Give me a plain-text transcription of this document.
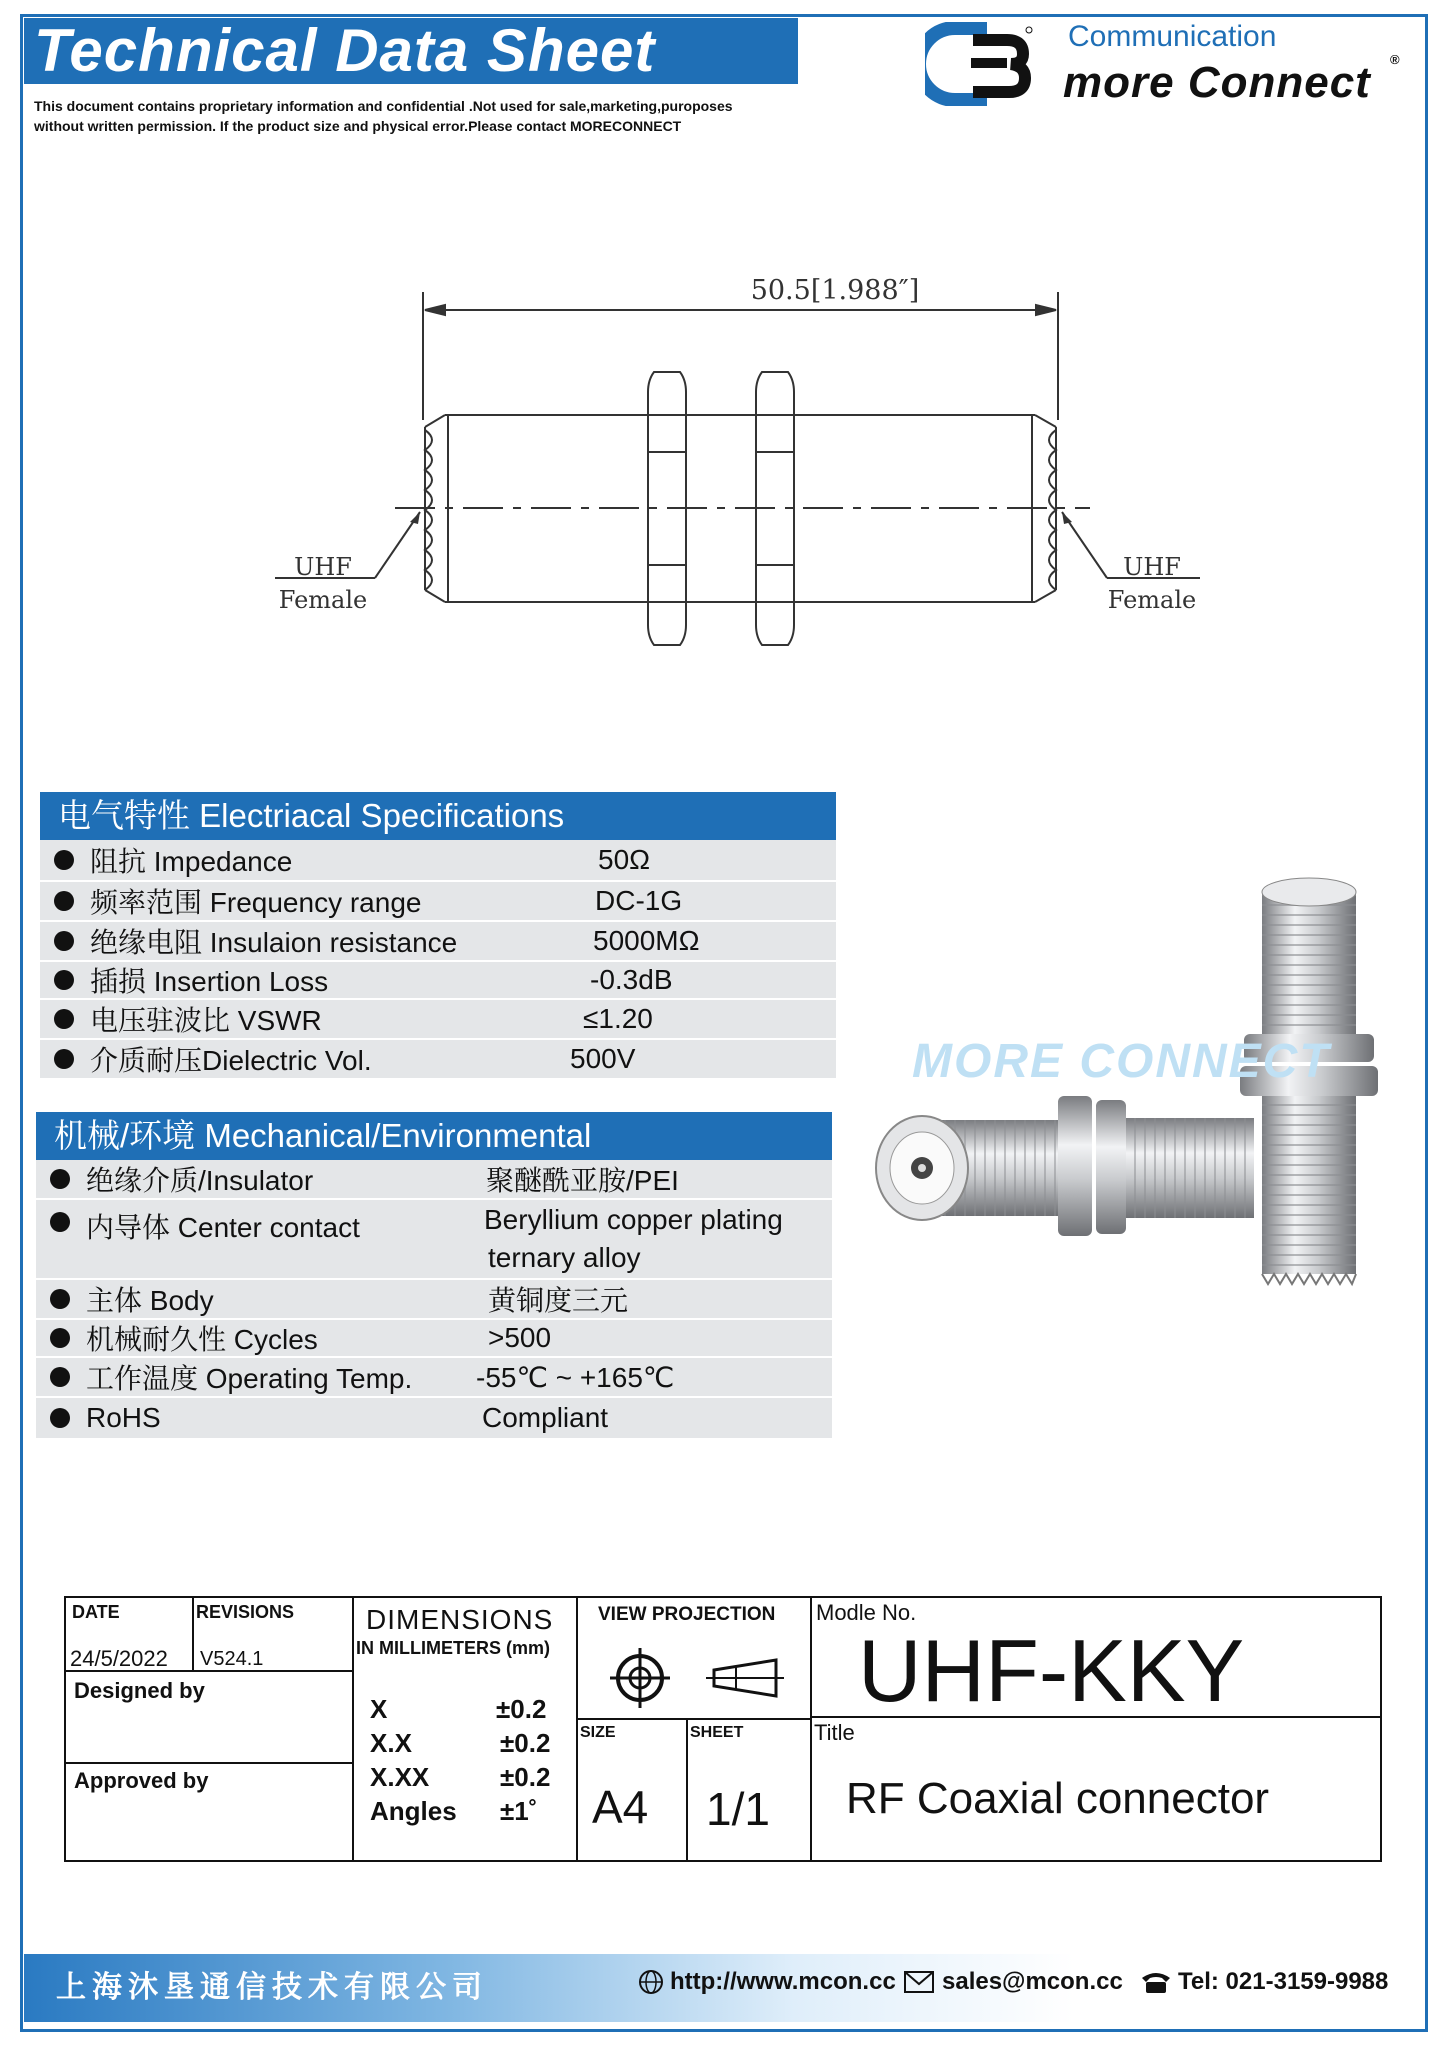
Technical Data Sheet
This document contains proprietary information and confidential .Not used for sale,marketing,puroposes
without written permission. If the product size and physical error.Please contact MORECONNECT
Communication
more Connect ®
50.5[1.988″]
UHF
Female
UHF
Female
电气特性 Electriacal Specifications
阻抗 Impedance	50Ω
频率范围 Frequency range	DC-1G
绝缘电阻 Insulaion resistance	5000MΩ
插损 Insertion Loss	-0.3dB
电压驻波比 VSWR	≤1.20
介质耐压Dielectric Vol.	500V
机械/环境 Mechanical/Environmental
绝缘介质/Insulator	聚醚酰亚胺/PEI
内导体 Center contact	Beryllium copper plating
ternary alloy
主体 Body	黄铜度三元
机械耐久性 Cycles	>500
工作温度 Operating Temp. -55℃ ~ +165℃
RoHS	Compliant
MORE CONNECT
DATE	REVISIONS
24/5/2022 V524.1
Designed by
Approved by
DIMENSIONS
IN MILLIMETERS (mm)
X	±0.2
X.X	±0.2
X.XX	±0.2
Angles ±1˚
VIEW PROJECTION
SIZE	SHEET
A4 1/1
Modle No.
UHF-KKY
Title
RF Coaxial connector
上海沐垦通信技术有限公司	http://www.mcon.cc sales@mcon.cc Tel: 021-3159-9988
